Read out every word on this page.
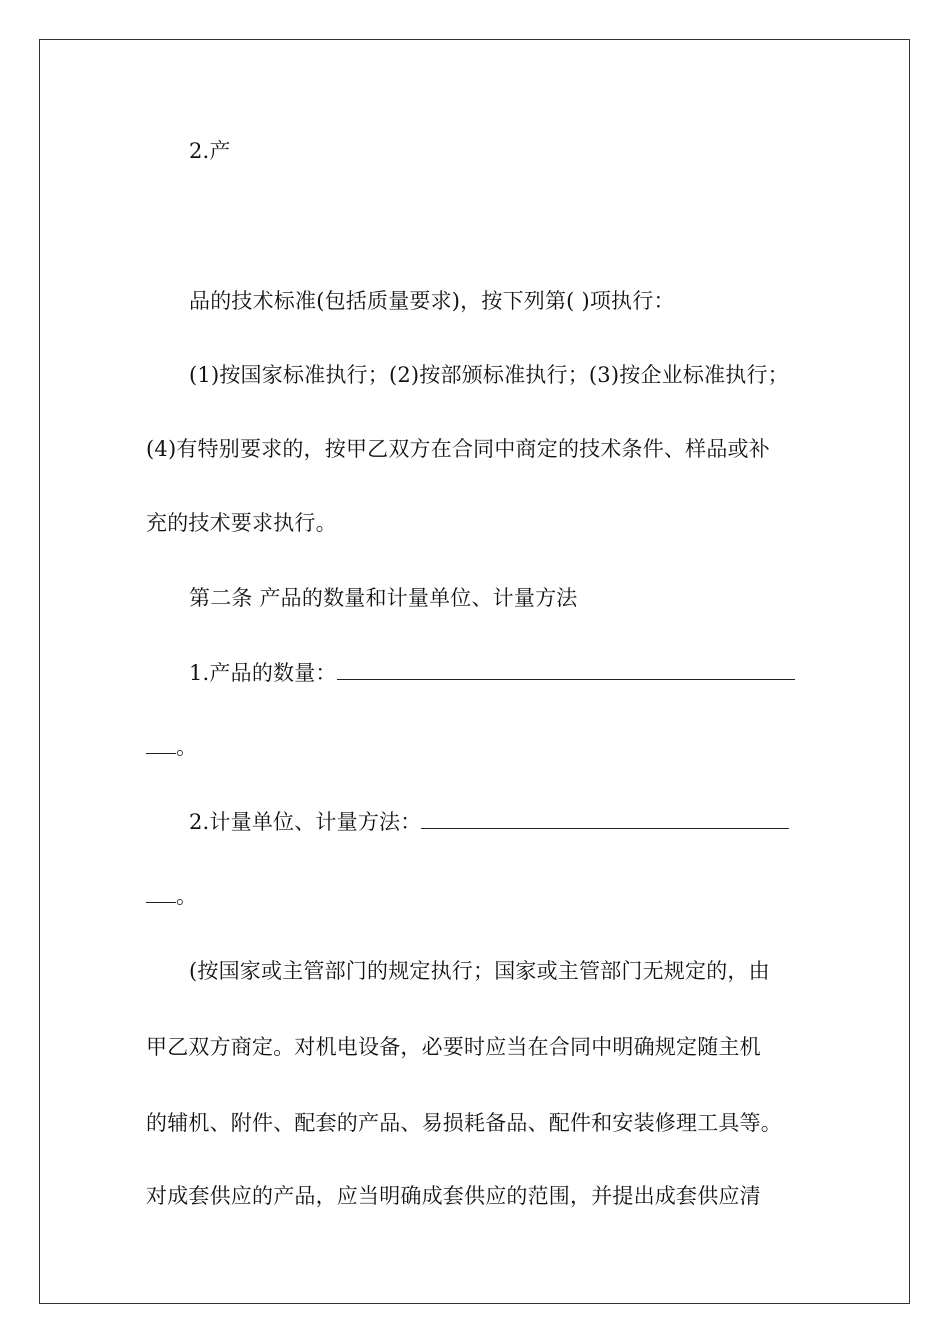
2.产
品的技术标准(包括质量要求)，按下列第( )项执行：
(1)按国家标准执行；(2)按部颁标准执行；(3)按企业标准执行；
(4)有特别要求的，按甲乙双方在合同中商定的技术条件、样品或补
充的技术要求执行。
第二条 产品的数量和计量单位、计量方法
1.产品的数量：
。
2.计量单位、计量方法：
。
(按国家或主管部门的规定执行；国家或主管部门无规定的，由
甲乙双方商定。对机电设备，必要时应当在合同中明确规定随主机
的辅机、附件、配套的产品、易损耗备品、配件和安装修理工具等。
对成套供应的产品，应当明确成套供应的范围，并提出成套供应清
